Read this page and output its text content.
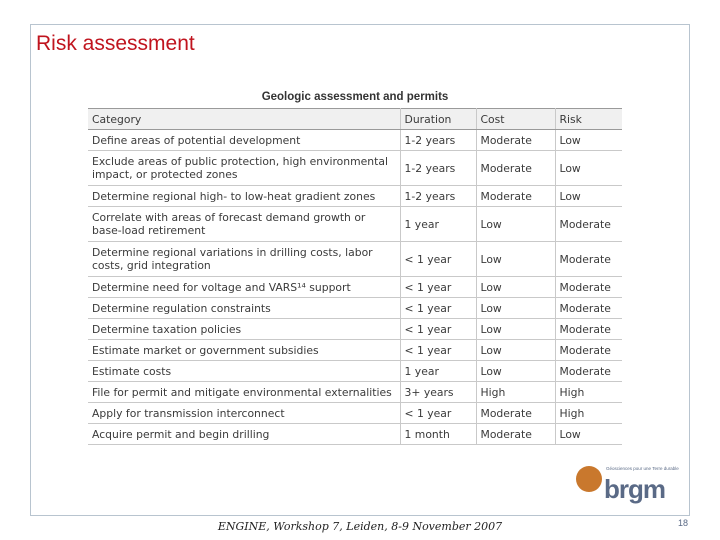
Risk assessment
Geologic assessment and permits
Category	Duration	Cost	Risk
Define areas of potential development	1-2 years	Moderate	Low
Exclude areas of public protection, high environmental impact, or protected zones	1-2 years	Moderate	Low
Determine regional high- to low-heat gradient zones	1-2 years	Moderate	Low
Correlate with areas of forecast demand growth or base-load retirement	1 year	Low	Moderate
Determine regional variations in drilling costs, labor costs, grid integration	< 1 year	Low	Moderate
Determine need for voltage and VARS¹⁴ support	< 1 year	Low	Moderate
Determine regulation constraints	< 1 year	Low	Moderate
Determine taxation policies	< 1 year	Low	Moderate
Estimate market or government subsidies	< 1 year	Low	Moderate
Estimate costs	1 year	Low	Moderate
File for permit and mitigate environmental externalities	3+ years	High	High
Apply for transmission interconnect	< 1 year	Moderate	High
Acquire permit and begin drilling	1 month	Moderate	Low
Géosciences pour une Terre durable
brgm
ENGINE, Workshop 7, Leiden, 8-9 November 2007	18
